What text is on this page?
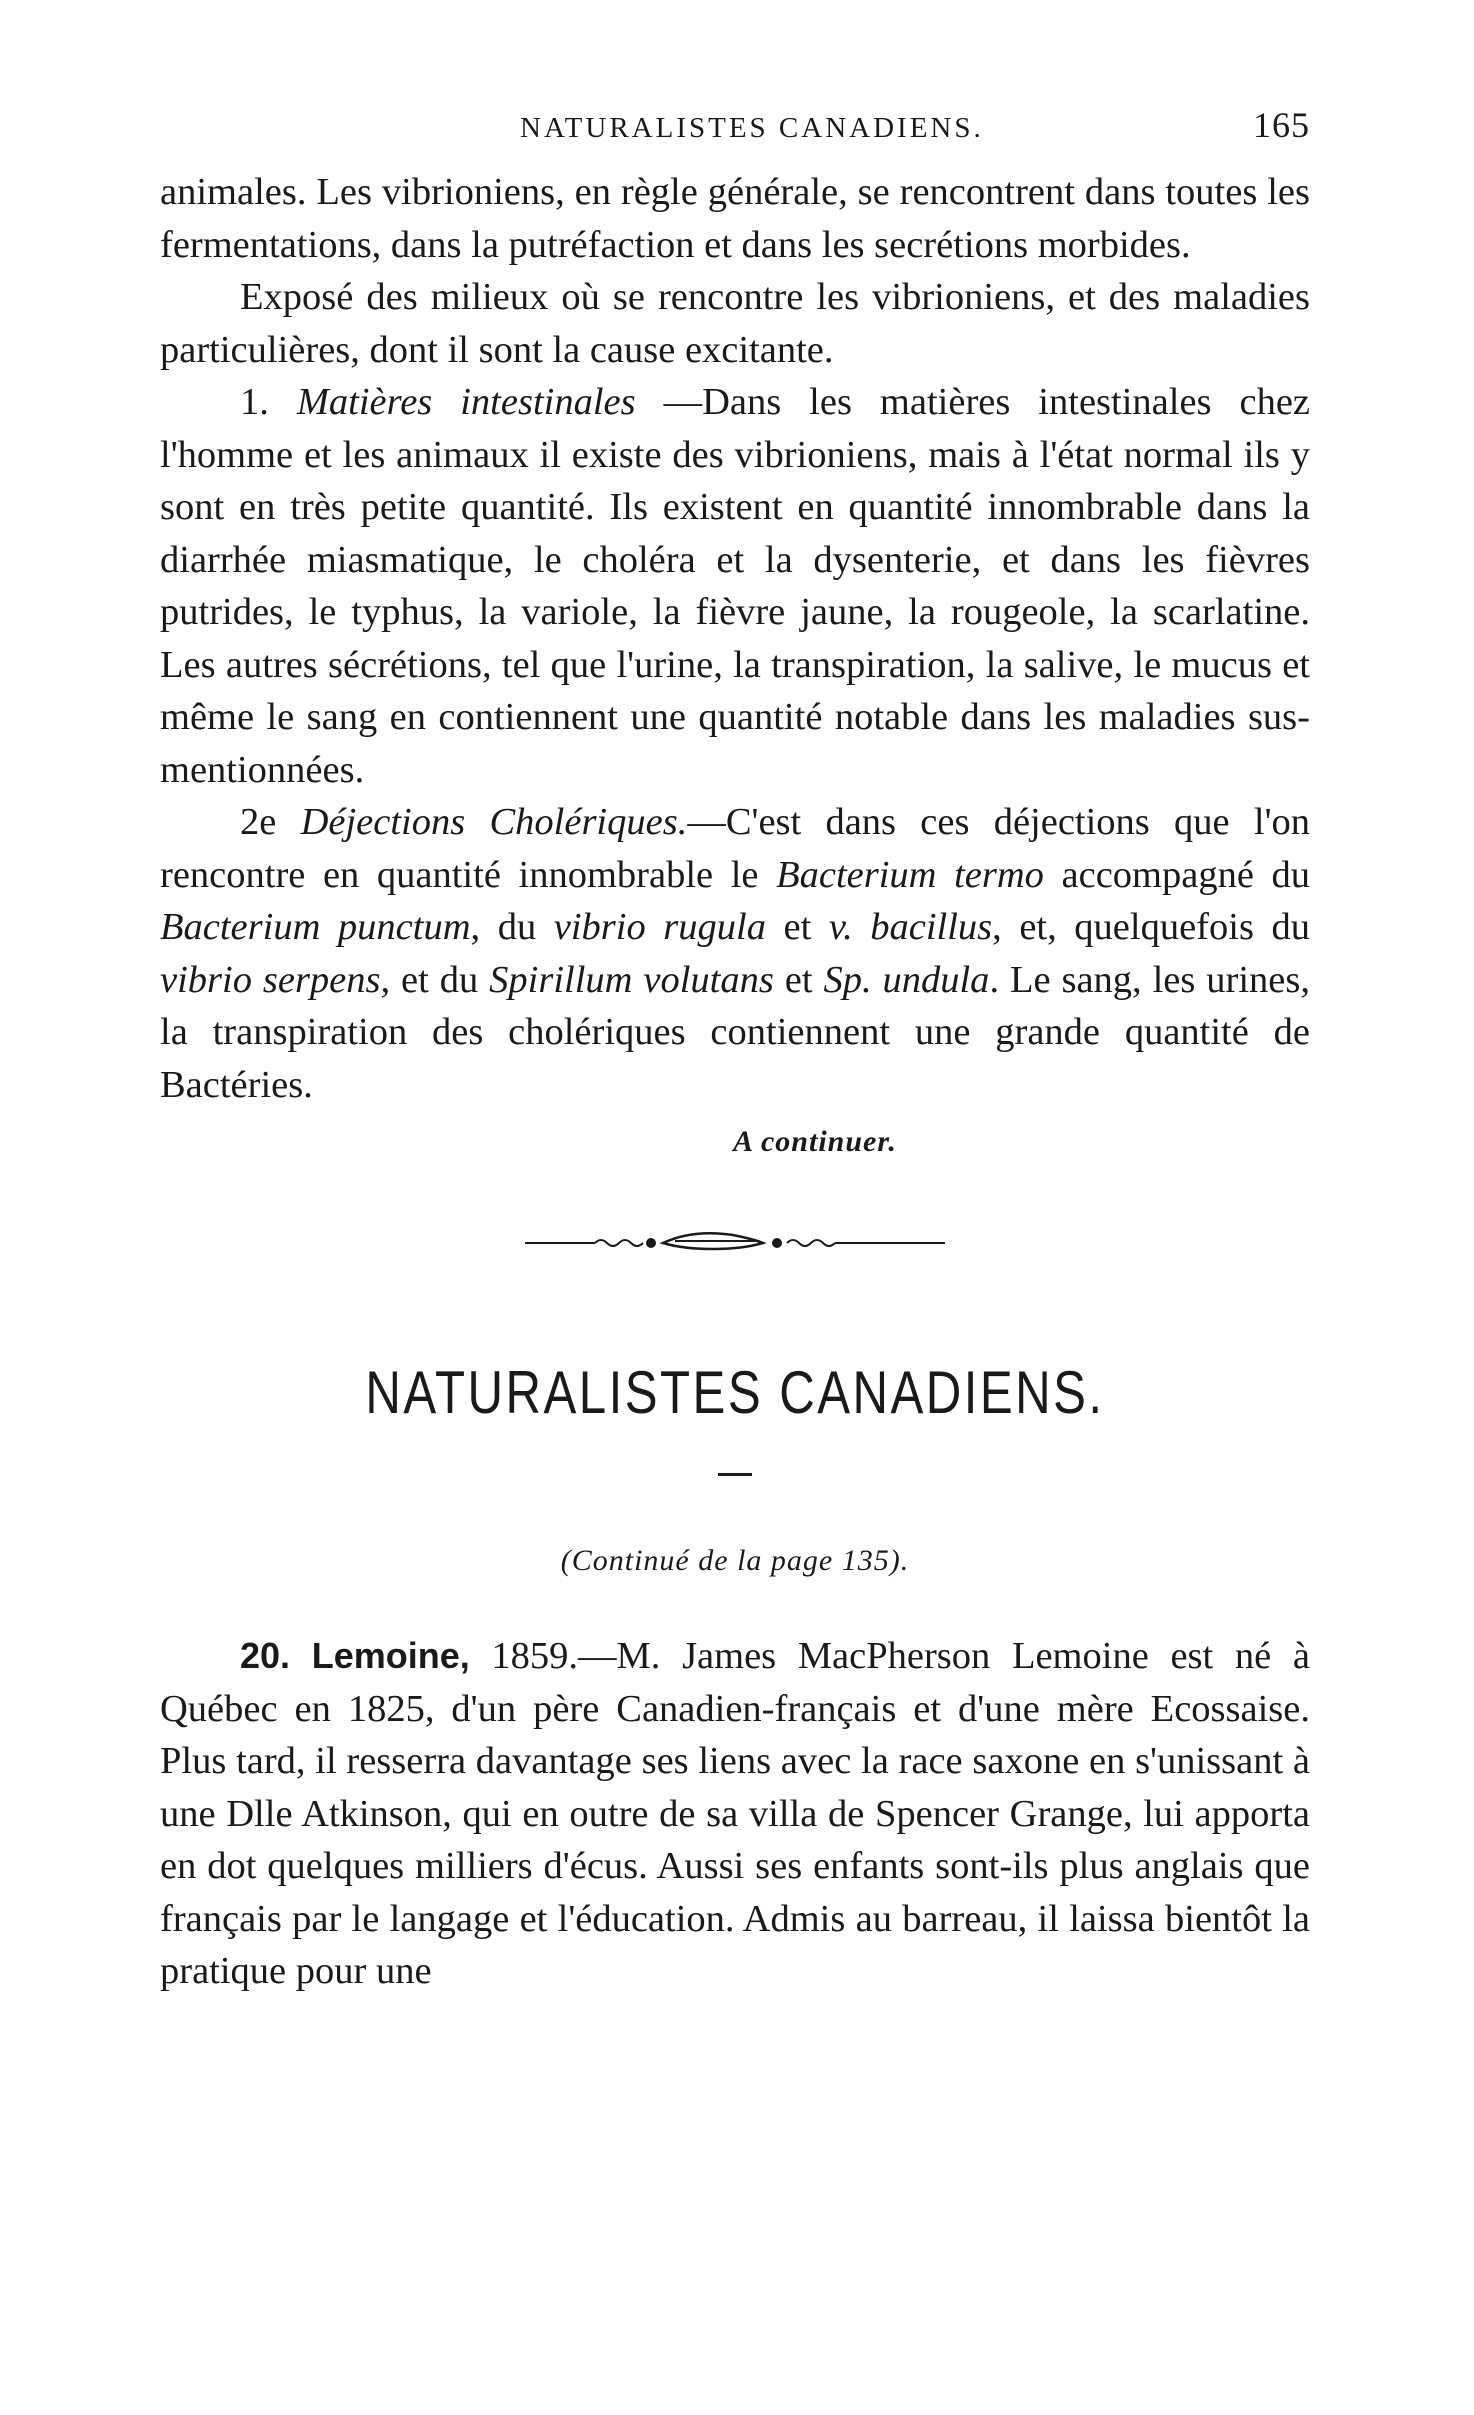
NATURALISTES CANADIENS.	165

animales. Les vibrioniens, en règle générale, se rencontrent dans toutes les fermentations, dans la putréfaction et dans les secrétions morbides.

Exposé des milieux où se rencontre les vibrioniens, et des maladies particulières, dont il sont la cause excitante.

1. Matières intestinales —Dans les matières intestinales chez l'homme et les animaux il existe des vibrioniens, mais à l'état normal ils y sont en très petite quantité. Ils existent en quantité innombrable dans la diarrhée miasmatique, le choléra et la dysenterie, et dans les fièvres putrides, le typhus, la variole, la fièvre jaune, la rougeole, la scarlatine. Les autres sécrétions, tel que l'urine, la transpiration, la salive, le mucus et même le sang en contiennent une quantité notable dans les maladies sus-mentionnées.

2e Déjections Cholériques.—C'est dans ces déjections que l'on rencontre en quantité innombrable le Bacterium termo accompagné du Bacterium punctum, du vibrio rugula et v. bacillus, et, quelquefois du vibrio serpens, et du Spirillum volutans et Sp. undula. Le sang, les urines, la transpiration des cholériques contiennent une grande quantité de Bactéries.

A continuer.
NATURALISTES CANADIENS.
(Continué de la page 135).

20. Lemoine, 1859.—M. James MacPherson Lemoine est né à Québec en 1825, d'un père Canadien-français et d'une mère Ecossaise. Plus tard, il resserra davantage ses liens avec la race saxone en s'unissant à une Dlle Atkinson, qui en outre de sa villa de Spencer Grange, lui apporta en dot quelques milliers d'écus. Aussi ses enfants sont-ils plus anglais que français par le langage et l'éducation. Admis au barreau, il laissa bientôt la pratique pour une
